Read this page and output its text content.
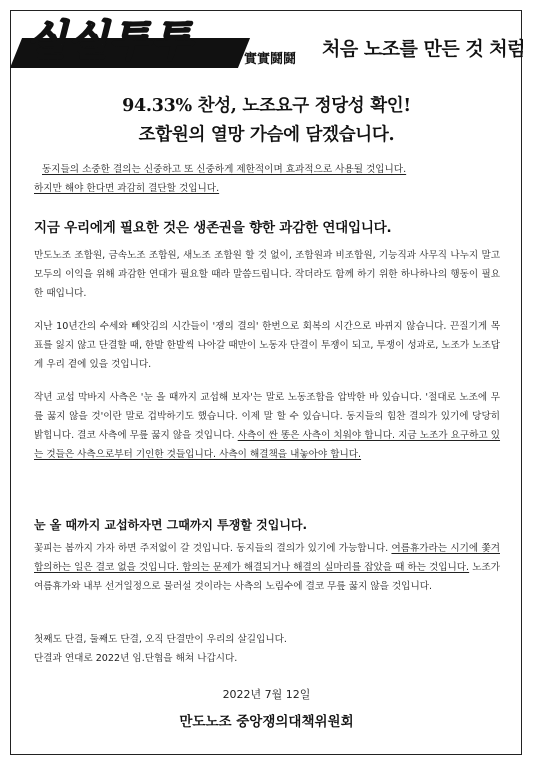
실실투투	實實鬪鬪 처음 노조를 만든 것 처럼
94.33% 찬성, 노조요구 정당성 확인!
조합원의 열망 가슴에 담겠습니다.
동지들의 소중한 결의는 신중하고 또 신중하게 제한적이며 효과적으로 사용될 것입니다.
하지만 해야 한다면 과감히 결단할 것입니다.
지금 우리에게 필요한 것은 생존권을 향한 과감한 연대입니다.
만도노조 조합원, 금속노조 조합원, 새노조 조합원 할 것 없이, 조합원과 비조합원, 기능직과 사무직 나누지 말고 모두의 이익을 위해 과감한 연대가 필요할 때라 말씀드립니다. 작더라도 함께 하기 위한 하나하나의 행동이 필요한 때입니다.
지난 10년간의 수세와 빼앗김의 시간들이 '쟁의 결의' 한번으로 회복의 시간으로 바뀌지 않습니다. 끈질기게 목표를 잃지 않고 단결할 때, 한발 한발씩 나아갈 때만이 노동자 단결이 투쟁이 되고, 투쟁이 성과로, 노조가 노조답게 우리 곁에 있을 것입니다.
작년 교섭 막바지 사측은 '눈 올 때까지 교섭해 보자'는 말로 노동조합을 압박한 바 있습니다. '절대로 노조에 무릎 꿇지 않을 것'이란 말로 겁박하기도 했습니다. 이제 말 할 수 있습니다. 동지들의 힘찬 결의가 있기에 당당히 밝힙니다. 결코 사측에 무릎 꿇지 않을 것입니다. 사측이 싼 똥은 사측이 치워야 합니다. 지금 노조가 요구하고 있는 것들은 사측으로부터 기인한 것들입니다. 사측이 해결책을 내놓아야 합니다.
눈 올 때까지 교섭하자면 그때까지 투쟁할 것입니다.
꽃피는 봄까지 가자 하면 주저없이 갈 것입니다. 동지들의 결의가 있기에 가능합니다. 여름휴가라는 시기에 쫓겨 합의하는 일은 결코 없을 것입니다. 합의는 문제가 해결되거나 해결의 실마리를 잡았을 때 하는 것입니다. 노조가 여름휴가와 내부 선거일정으로 물러설 것이라는 사측의 노림수에 결코 무릎 꿇지 않을 것입니다.
첫째도 단결, 둘째도 단결, 오직 단결만이 우리의 살길입니다.
단결과 연대로 2022년 임.단협을 해쳐 나갑시다.
2022년 7월 12일
만도노조 중앙쟁의대책위원회
